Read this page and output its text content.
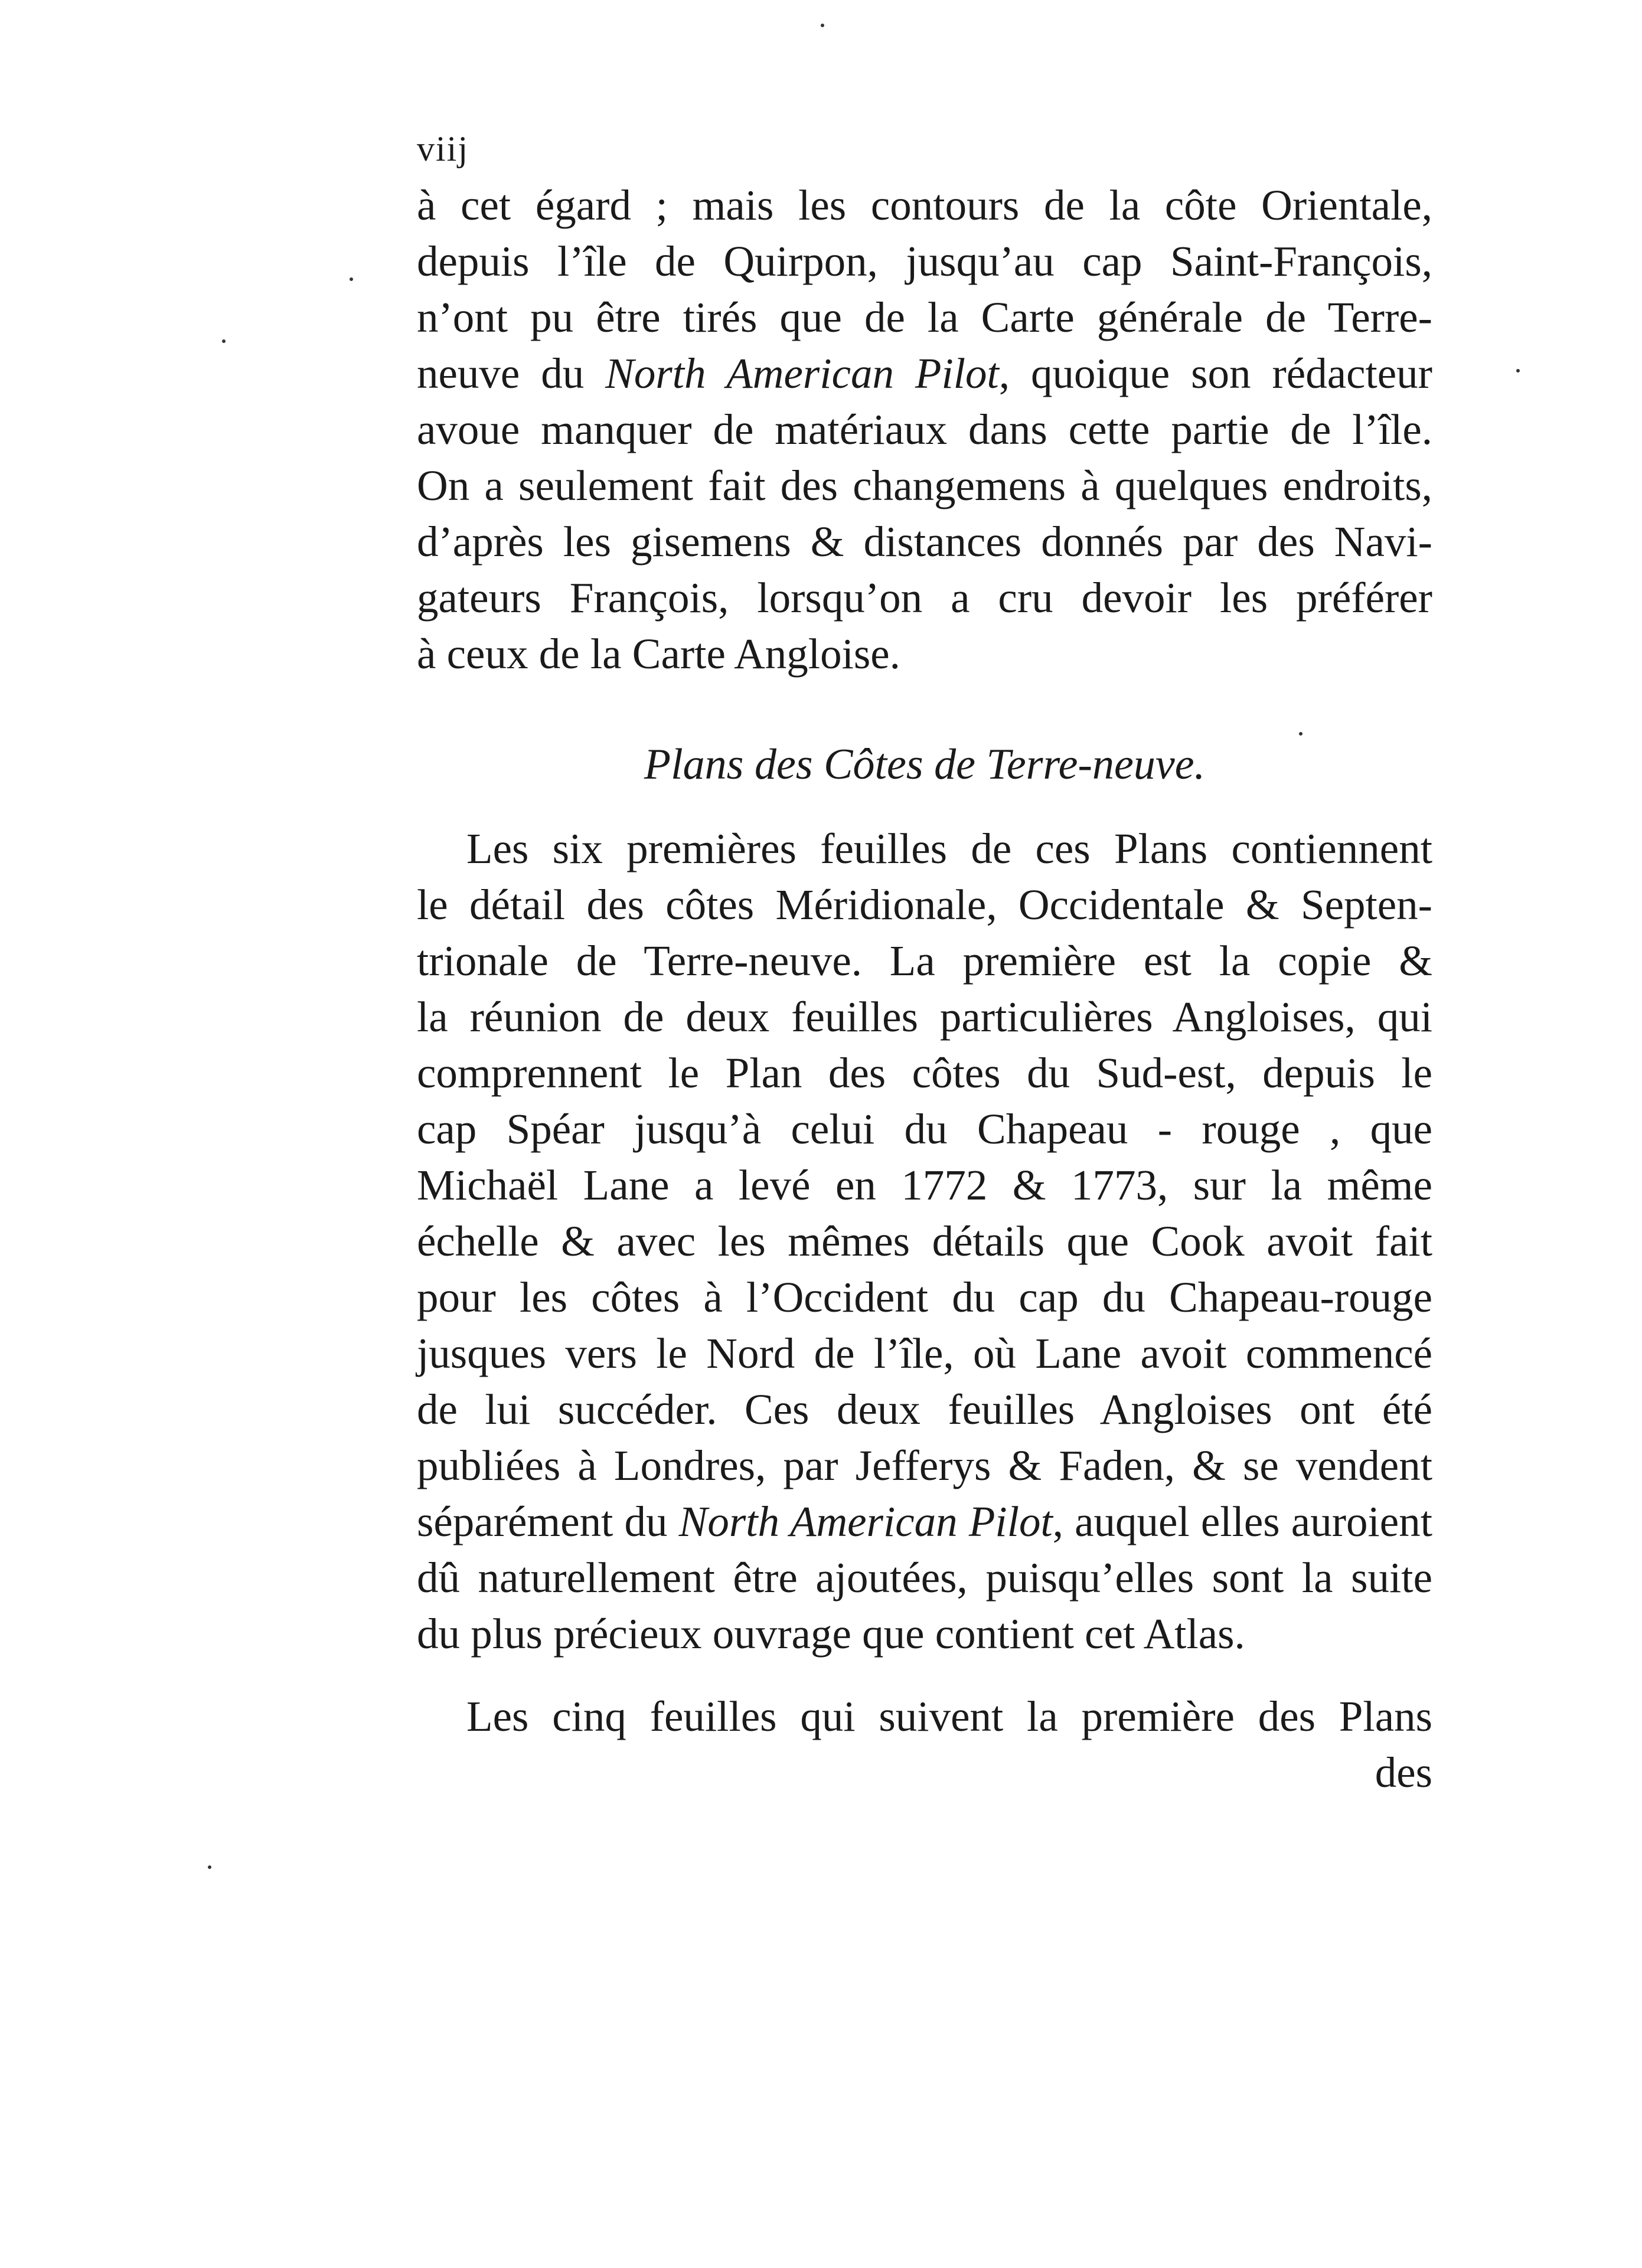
viij
à cet égard ; mais les contours de la côte Orientale,
depuis l’île de Quirpon, jusqu’au cap Saint-François,
n’ont pu être tirés que de la Carte générale de Terre-
neuve du North American Pilot, quoique son rédacteur
avoue manquer de matériaux dans cette partie de l’île.
On a seulement fait des changemens à quelques endroits,
d’après les gisemens & distances donnés par des Navi-
gateurs François, lorsqu’on a cru devoir les préférer
à ceux de la Carte Angloise.
Plans des Côtes de Terre-neuve.
Les six premières feuilles de ces Plans contiennent
le détail des côtes Méridionale, Occidentale & Septen-
trionale de Terre-neuve. La première est la copie &
la réunion de deux feuilles particulières Angloises, qui
comprennent le Plan des côtes du Sud-est, depuis le
cap Spéar jusqu’à celui du Chapeau - rouge , que
Michaël Lane a levé en 1772 & 1773, sur la même
échelle & avec les mêmes détails que Cook avoit fait
pour les côtes à l’Occident du cap du Chapeau-rouge
jusques vers le Nord de l’île, où Lane avoit commencé
de lui succéder. Ces deux feuilles Angloises ont été
publiées à Londres, par Jefferys & Faden, & se vendent
séparément du North American Pilot, auquel elles auroient
dû naturellement être ajoutées, puisqu’elles sont la suite
du plus précieux ouvrage que contient cet Atlas.
Les cinq feuilles qui suivent la première des Plans
des
